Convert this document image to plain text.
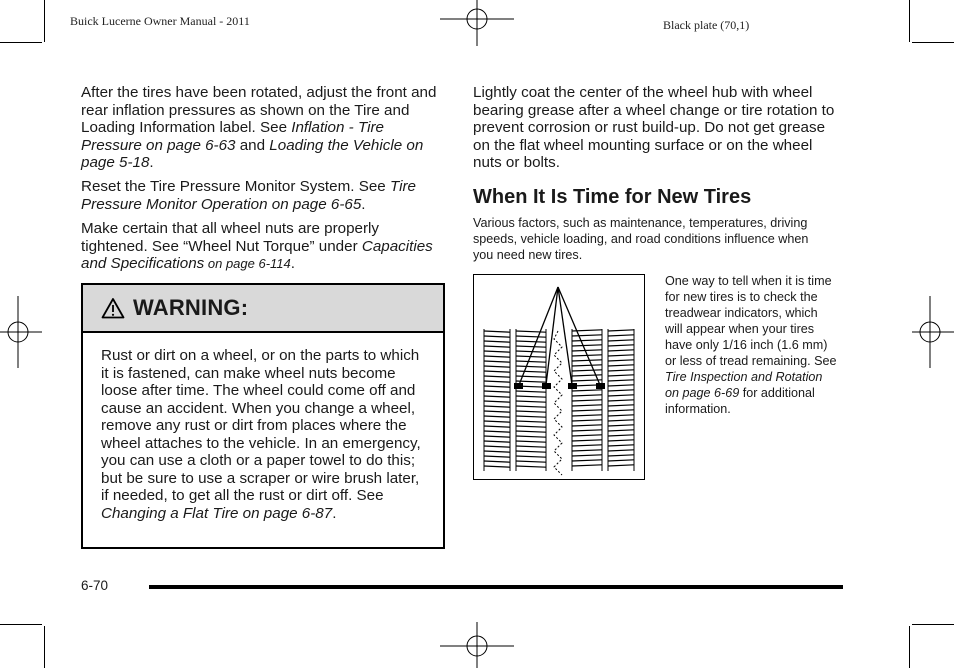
Buick Lucerne Owner Manual - 2011	Black plate (70,1)
After the tires have been rotated, adjust the front and rear inflation pressures as shown on the Tire and Loading Information label. See Inflation - Tire Pressure on page 6-63 and Loading the Vehicle on page 5-18.
Reset the Tire Pressure Monitor System. See Tire Pressure Monitor Operation on page 6-65.
Make certain that all wheel nuts are properly tightened. See “Wheel Nut Torque” under Capacities and Specifications on page 6-114.
WARNING:
Rust or dirt on a wheel, or on the parts to which it is fastened, can make wheel nuts become loose after time. The wheel could come off and cause an accident. When you change a wheel, remove any rust or dirt from places where the wheel attaches to the vehicle. In an emergency, you can use a cloth or a paper towel to do this; but be sure to use a scraper or wire brush later, if needed, to get all the rust or dirt off. See Changing a Flat Tire on page 6-87.
Lightly coat the center of the wheel hub with wheel bearing grease after a wheel change or tire rotation to prevent corrosion or rust build-up. Do not get grease on the flat wheel mounting surface or on the wheel nuts or bolts.
When It Is Time for New Tires
Various factors, such as maintenance, temperatures, driving speeds, vehicle loading, and road conditions influence when you need new tires.
One way to tell when it is time for new tires is to check the treadwear indicators, which will appear when your tires have only 1/16 inch (1.6 mm) or less of tread remaining. See Tire Inspection and Rotation on page 6-69 for additional information.
6-70
